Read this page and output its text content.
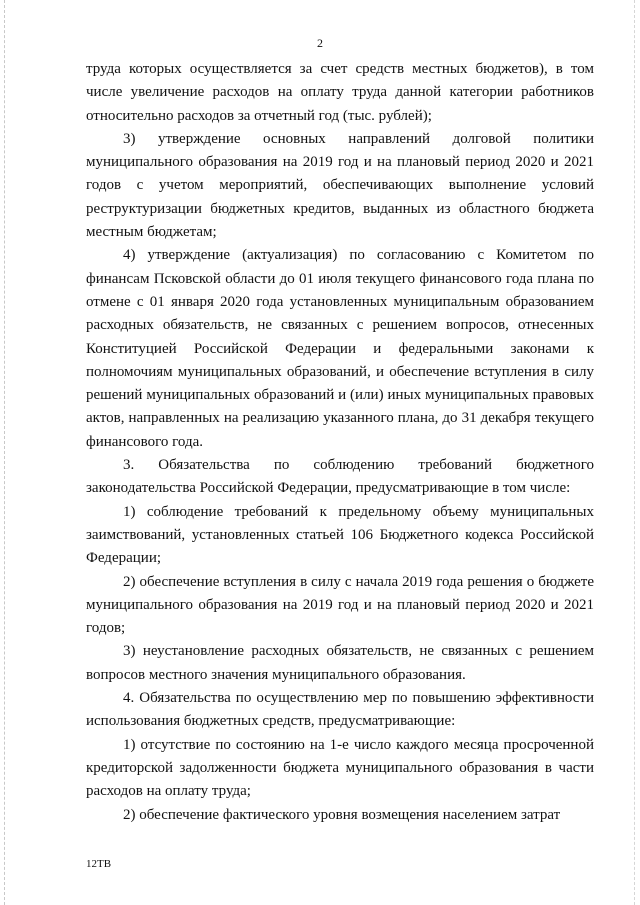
2

труда которых осуществляется за счет средств местных бюджетов), в том числе увеличение расходов на оплату труда данной категории работников относительно расходов за отчетный год (тыс. рублей);

3) утверждение основных направлений долговой политики муниципального образования на 2019 год и на плановый период 2020 и 2021 годов с учетом мероприятий, обеспечивающих выполнение условий реструктуризации бюджетных кредитов, выданных из областного бюджета местным бюджетам;

4) утверждение (актуализация) по согласованию с Комитетом по финансам Псковской области до 01 июля текущего финансового года плана по отмене с 01 января 2020 года установленных муниципальным образованием расходных обязательств, не связанных с решением вопросов, отнесенных Конституцией Российской Федерации и федеральными законами к полномочиям муниципальных образований, и обеспечение вступления в силу решений муниципальных образований и (или) иных муниципальных правовых актов, направленных на реализацию указанного плана, до 31 декабря текущего финансового года.

3. Обязательства по соблюдению требований бюджетного законодательства Российской Федерации, предусматривающие в том числе:

1) соблюдение требований к предельному объему муниципальных заимствований, установленных статьей 106 Бюджетного кодекса Российской Федерации;

2) обеспечение вступления в силу с начала 2019 года решения о бюджете муниципального образования на 2019 год и на плановый период 2020 и 2021 годов;

3) неустановление расходных обязательств, не связанных с решением вопросов местного значения муниципального образования.

4. Обязательства по осуществлению мер по повышению эффективности использования бюджетных средств, предусматривающие:

1) отсутствие по состоянию на 1-е число каждого месяца просроченной кредиторской задолженности бюджета муниципального образования в части расходов на оплату труда;

2) обеспечение фактического уровня возмещения населением затрат

12ТВ
